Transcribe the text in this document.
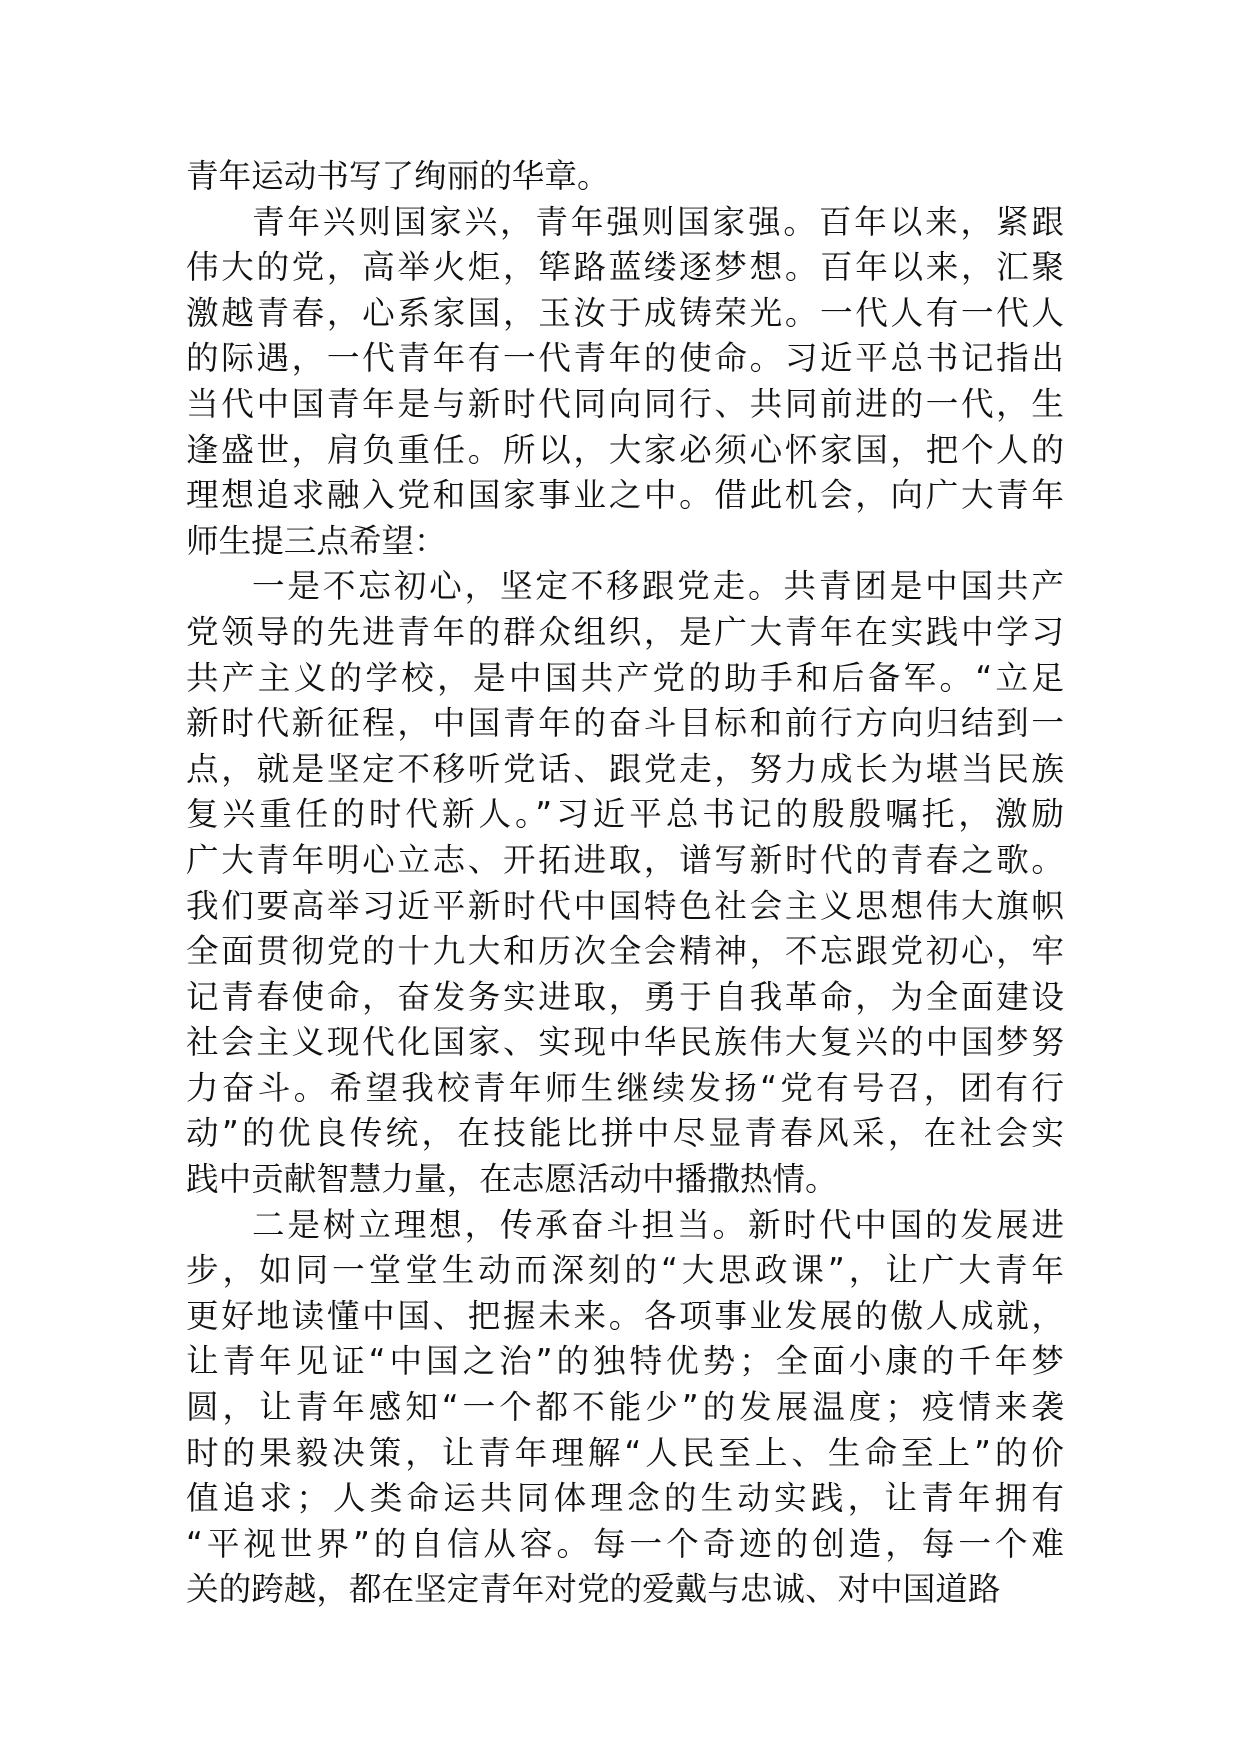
青年运动书写了绚丽的华章。
青年兴则国家兴，青年强则国家强。百年以来，紧跟
伟大的党，高举火炬，筚路蓝缕逐梦想。百年以来，汇聚
激越青春，心系家国，玉汝于成铸荣光。一代人有一代人
的际遇，一代青年有一代青年的使命。习近平总书记指出
当代中国青年是与新时代同向同行、共同前进的一代，生
逢盛世，肩负重任。所以，大家必须心怀家国，把个人的
理想追求融入党和国家事业之中。借此机会，向广大青年
师生提三点希望：
一是不忘初心，坚定不移跟党走。共青团是中国共产
党领导的先进青年的群众组织，是广大青年在实践中学习
共产主义的学校，是中国共产党的助手和后备军。“立足
新时代新征程，中国青年的奋斗目标和前行方向归结到一
点，就是坚定不移听党话、跟党走，努力成长为堪当民族
复兴重任的时代新人。”习近平总书记的殷殷嘱托，激励
广大青年明心立志、开拓进取，谱写新时代的青春之歌。
我们要高举习近平新时代中国特色社会主义思想伟大旗帜
全面贯彻党的十九大和历次全会精神，不忘跟党初心，牢
记青春使命，奋发务实进取，勇于自我革命，为全面建设
社会主义现代化国家、实现中华民族伟大复兴的中国梦努
力奋斗。希望我校青年师生继续发扬“党有号召，团有行
动”的优良传统，在技能比拼中尽显青春风采，在社会实
践中贡献智慧力量，在志愿活动中播撒热情。
二是树立理想，传承奋斗担当。新时代中国的发展进
步，如同一堂堂生动而深刻的“大思政课”，让广大青年
更好地读懂中国、把握未来。各项事业发展的傲人成就，
让青年见证“中国之治”的独特优势；全面小康的千年梦
圆，让青年感知“一个都不能少”的发展温度；疫情来袭
时的果毅决策，让青年理解“人民至上、生命至上”的价
值追求；人类命运共同体理念的生动实践，让青年拥有
“平视世界”的自信从容。每一个奇迹的创造，每一个难
关的跨越，都在坚定青年对党的爱戴与忠诚、对中国道路
